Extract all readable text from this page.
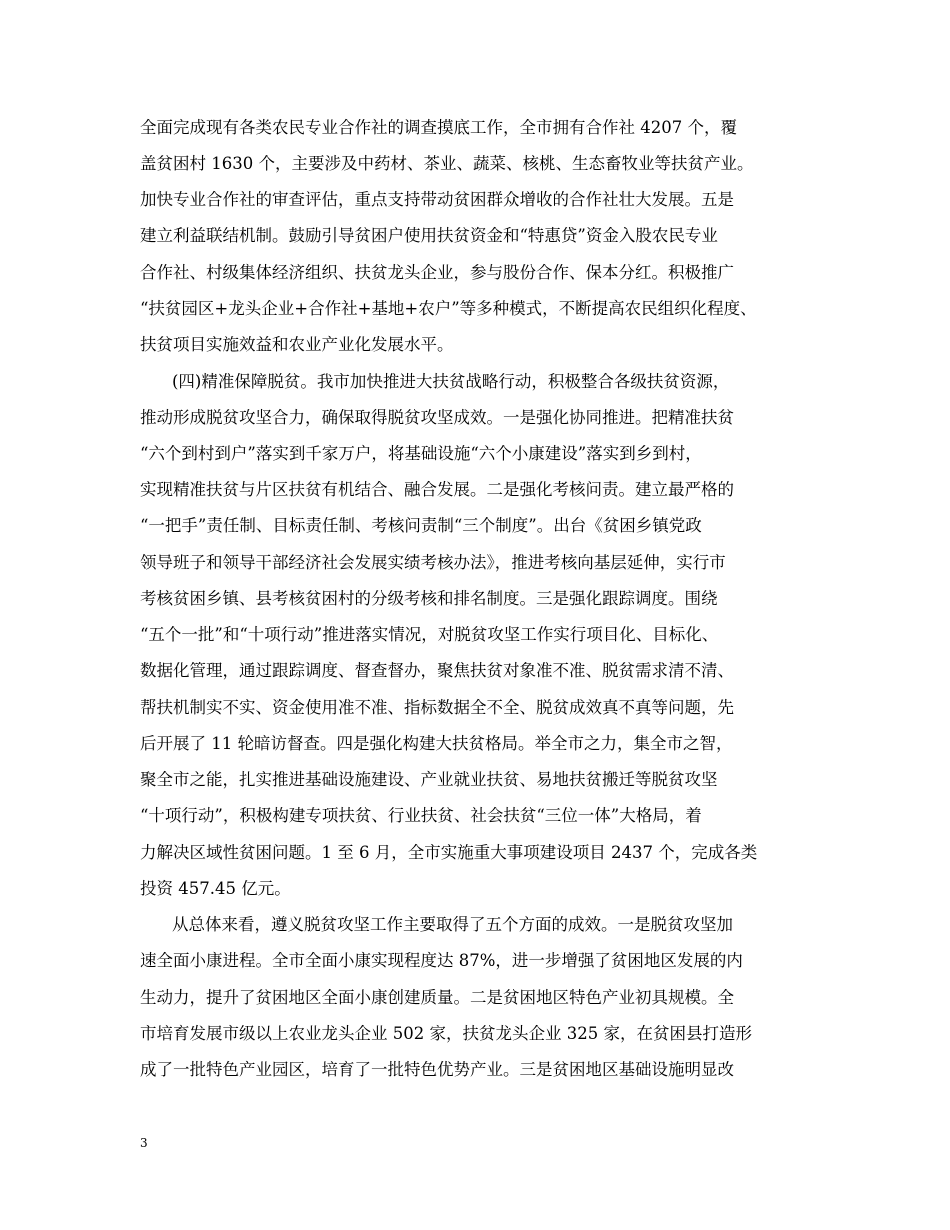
全面完成现有各类农民专业合作社的调查摸底工作，全市拥有合作社 4207 个，覆
盖贫困村 1630 个，主要涉及中药材、茶业、蔬菜、核桃、生态畜牧业等扶贫产业。
加快专业合作社的审查评估，重点支持带动贫困群众增收的合作社壮大发展。五是
建立利益联结机制。鼓励引导贫困户使用扶贫资金和“特惠贷”资金入股农民专业
合作社、村级集体经济组织、扶贫龙头企业，参与股份合作、保本分红。积极推广
“扶贫园区+龙头企业+合作社+基地+农户”等多种模式，不断提高农民组织化程度、
扶贫项目实施效益和农业产业化发展水平。
(四)精准保障脱贫。我市加快推进大扶贫战略行动，积极整合各级扶贫资源，
推动形成脱贫攻坚合力，确保取得脱贫攻坚成效。一是强化协同推进。把精准扶贫
“六个到村到户”落实到千家万户，将基础设施“六个小康建设”落实到乡到村，
实现精准扶贫与片区扶贫有机结合、融合发展。二是强化考核问责。建立最严格的
“一把手”责任制、目标责任制、考核问责制“三个制度”。出台《贫困乡镇党政
领导班子和领导干部经济社会发展实绩考核办法》，推进考核向基层延伸，实行市
考核贫困乡镇、县考核贫困村的分级考核和排名制度。三是强化跟踪调度。围绕
“五个一批”和“十项行动”推进落实情况，对脱贫攻坚工作实行项目化、目标化、
数据化管理，通过跟踪调度、督查督办，聚焦扶贫对象准不准、脱贫需求清不清、
帮扶机制实不实、资金使用准不准、指标数据全不全、脱贫成效真不真等问题，先
后开展了 11 轮暗访督查。四是强化构建大扶贫格局。举全市之力，集全市之智，
聚全市之能，扎实推进基础设施建设、产业就业扶贫、易地扶贫搬迁等脱贫攻坚
“十项行动”，积极构建专项扶贫、行业扶贫、社会扶贫“三位一体”大格局，着
力解决区域性贫困问题。1 至 6 月，全市实施重大事项建设项目 2437 个，完成各类
投资 457.45 亿元。
从总体来看，遵义脱贫攻坚工作主要取得了五个方面的成效。一是脱贫攻坚加
速全面小康进程。全市全面小康实现程度达 87%，进一步增强了贫困地区发展的内
生动力，提升了贫困地区全面小康创建质量。二是贫困地区特色产业初具规模。全
市培育发展市级以上农业龙头企业 502 家，扶贫龙头企业 325 家，在贫困县打造形
成了一批特色产业园区，培育了一批特色优势产业。三是贫困地区基础设施明显改
3
